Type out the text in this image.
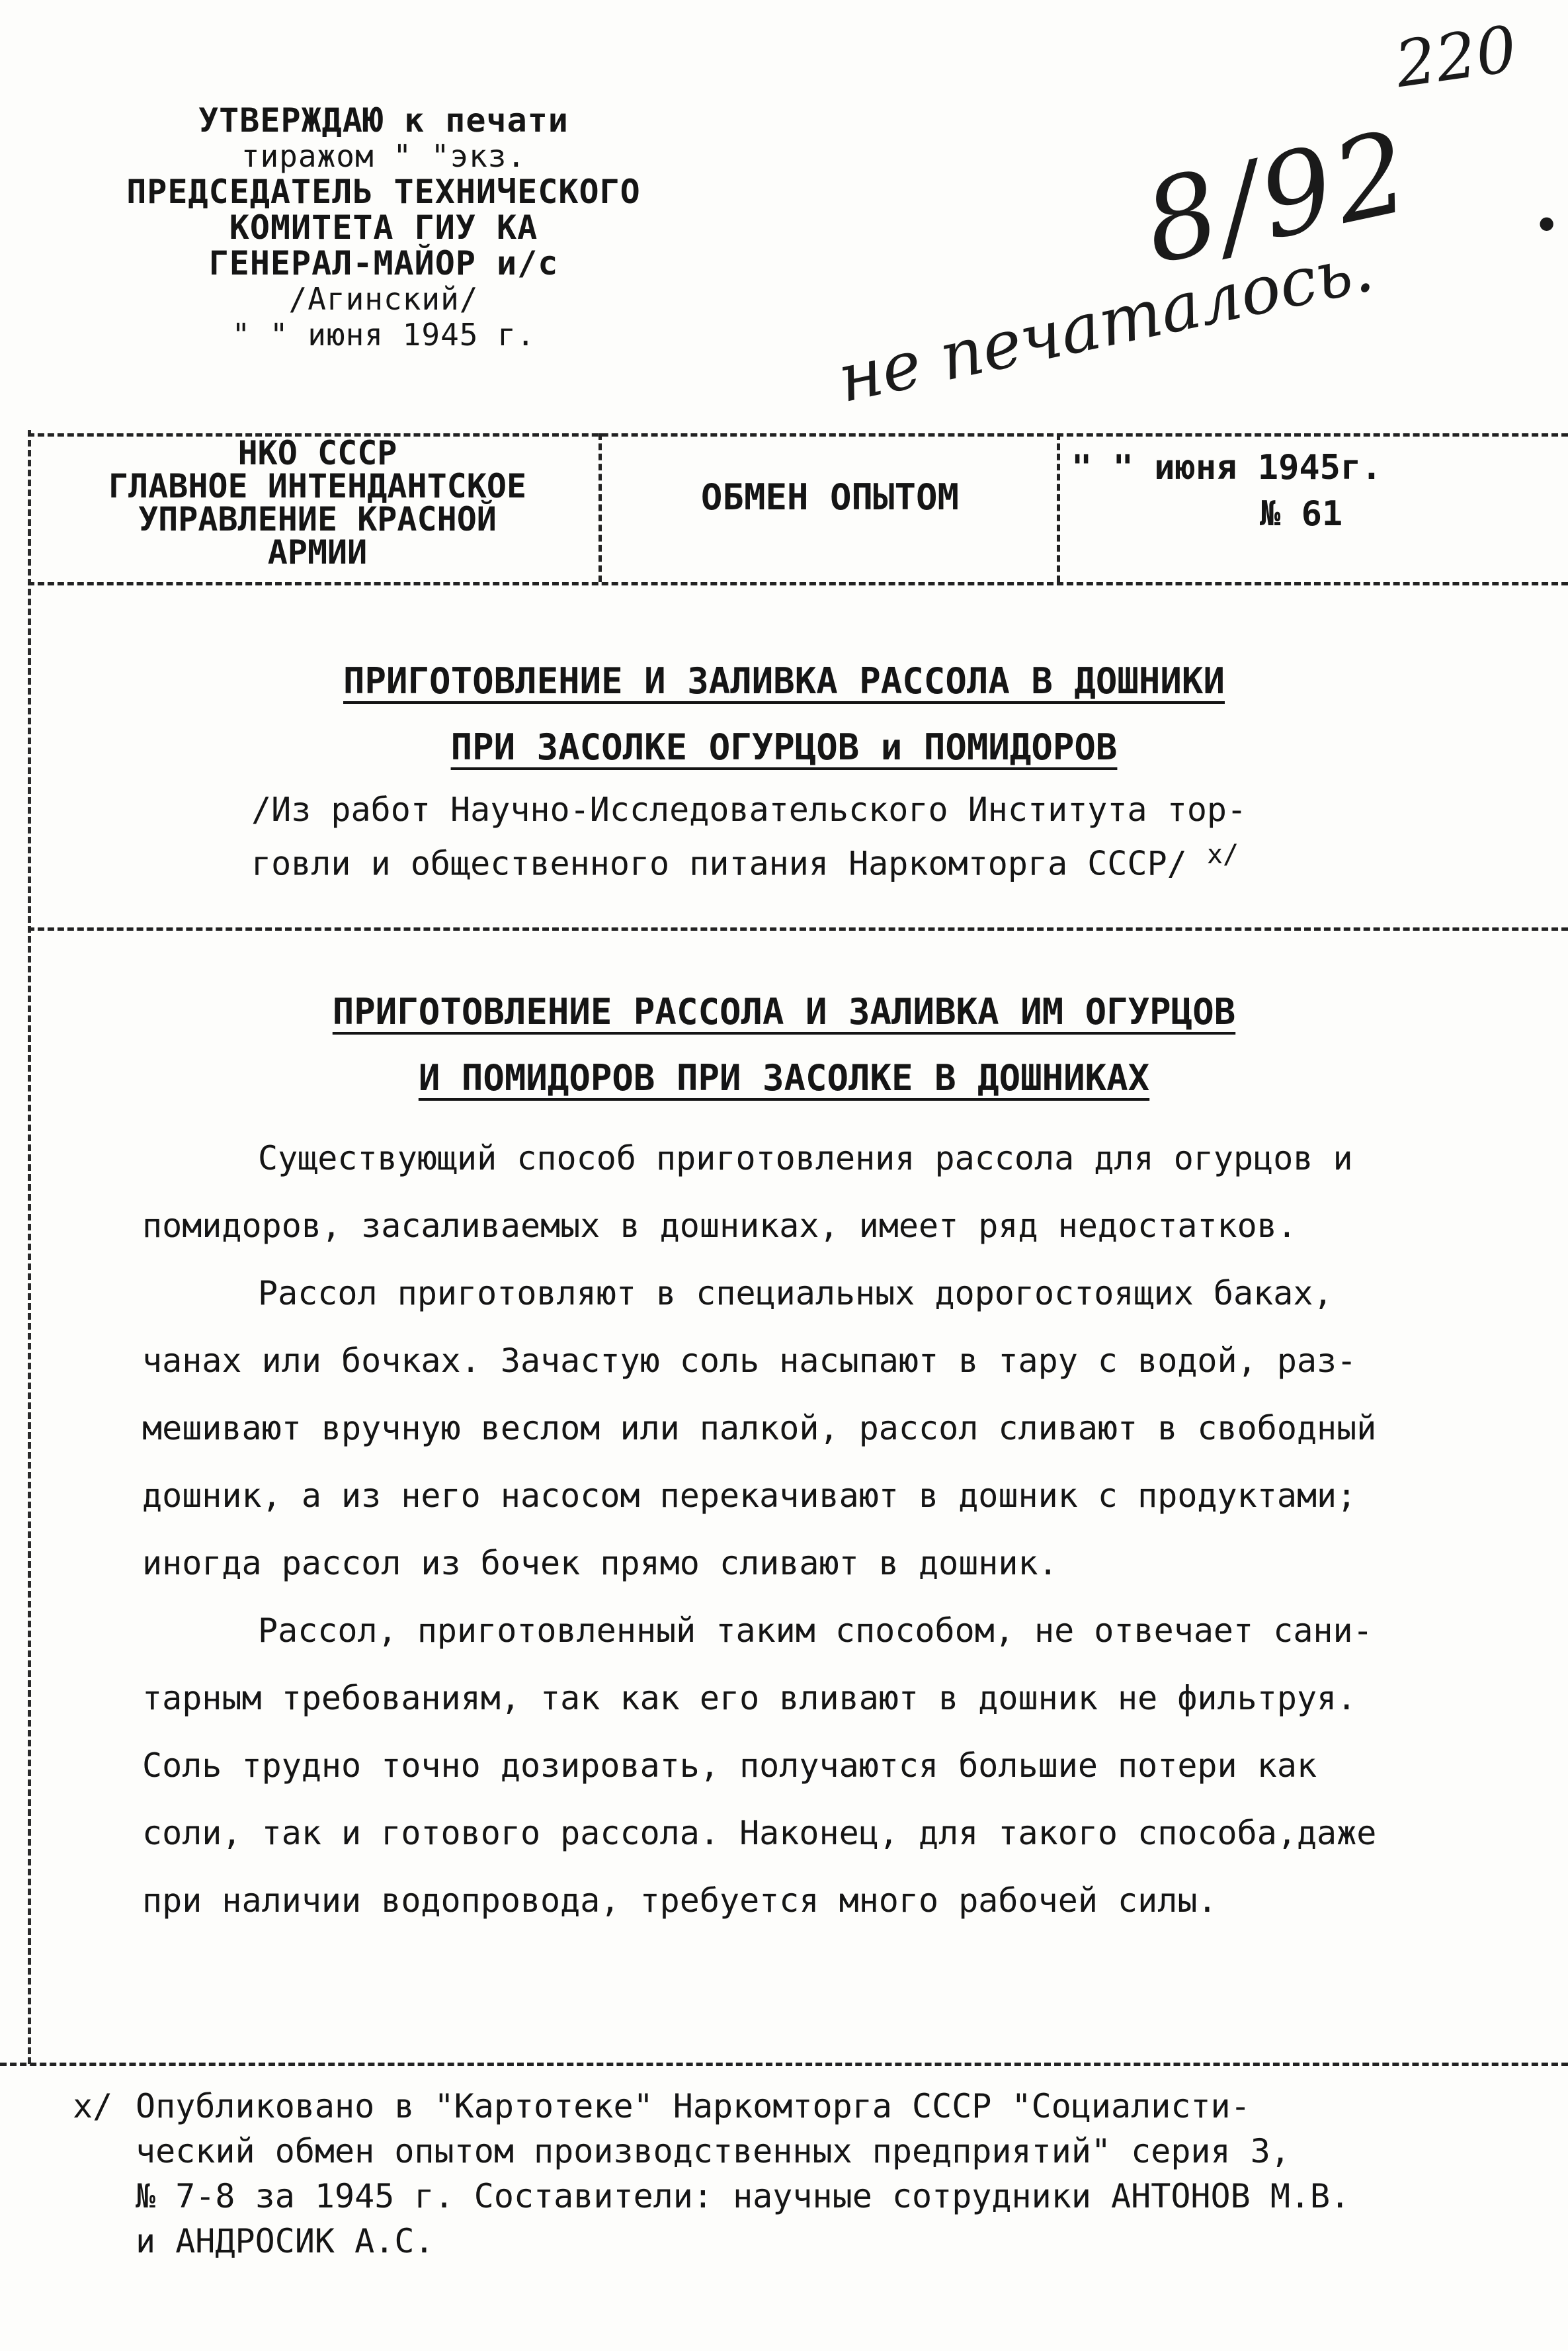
УТВЕРЖДАЮ к печати
тиражом " "экз.
ПРЕДСЕДАТЕЛЬ ТЕХНИЧЕСКОГО
КОМИТЕТА ГИУ КА
ГЕНЕРАЛ-МАЙОР и/с
/Агинский/
" " июня 1945 г.
220
8/92
не печаталось.
•
НКО СССР
ГЛАВНОЕ ИНТЕНДАНТСКОЕ
УПРАВЛЕНИЕ КРАСНОЙ
АРМИИ
ОБМЕН ОПЫТОМ
" " июня 1945г.
№ 61
ПРИГОТОВЛЕНИЕ И ЗАЛИВКА РАССОЛА В ДОШНИКИ
ПРИ ЗАСОЛКЕ ОГУРЦОВ и ПОМИДОРОВ
/Из работ Научно-Исследовательского Института тор-
говли и общественного питания Наркомторга СССР/ $^{х/}$
ПРИГОТОВЛЕНИЕ РАССОЛА И ЗАЛИВКА ИМ ОГУРЦОВ
И ПОМИДОРОВ ПРИ ЗАСОЛКЕ В ДОШНИКАХ
Существующий способ приготовления рассола для огурцов и
помидоров, засаливаемых в дошниках, имеет ряд недостатков.
Рассол приготовляют в специальных дорогостоящих баках,
чанах или бочках. Зачастую соль насыпают в тару с водой, раз-
мешивают вручную веслом или палкой, рассол сливают в свободный
дошник, а из него насосом перекачивают в дошник с продуктами;
иногда рассол из бочек прямо сливают в дошник.
Рассол, приготовленный таким способом, не отвечает сани-
тарным требованиям, так как его вливают в дошник не фильтруя.
Соль трудно точно дозировать, получаются большие потери как
соли, так и готового рассола. Наконец, для такого способа,даже
при наличии водопровода, требуется много рабочей силы.
х/ Опубликовано в "Картотеке" Наркомторга СССР "Социалисти-
ческий обмен опытом производственных предприятий" серия 3,
№ 7-8 за 1945 г. Составители: научные сотрудники АНТОНОВ М.В.
и АНДРОСИК А.С.
